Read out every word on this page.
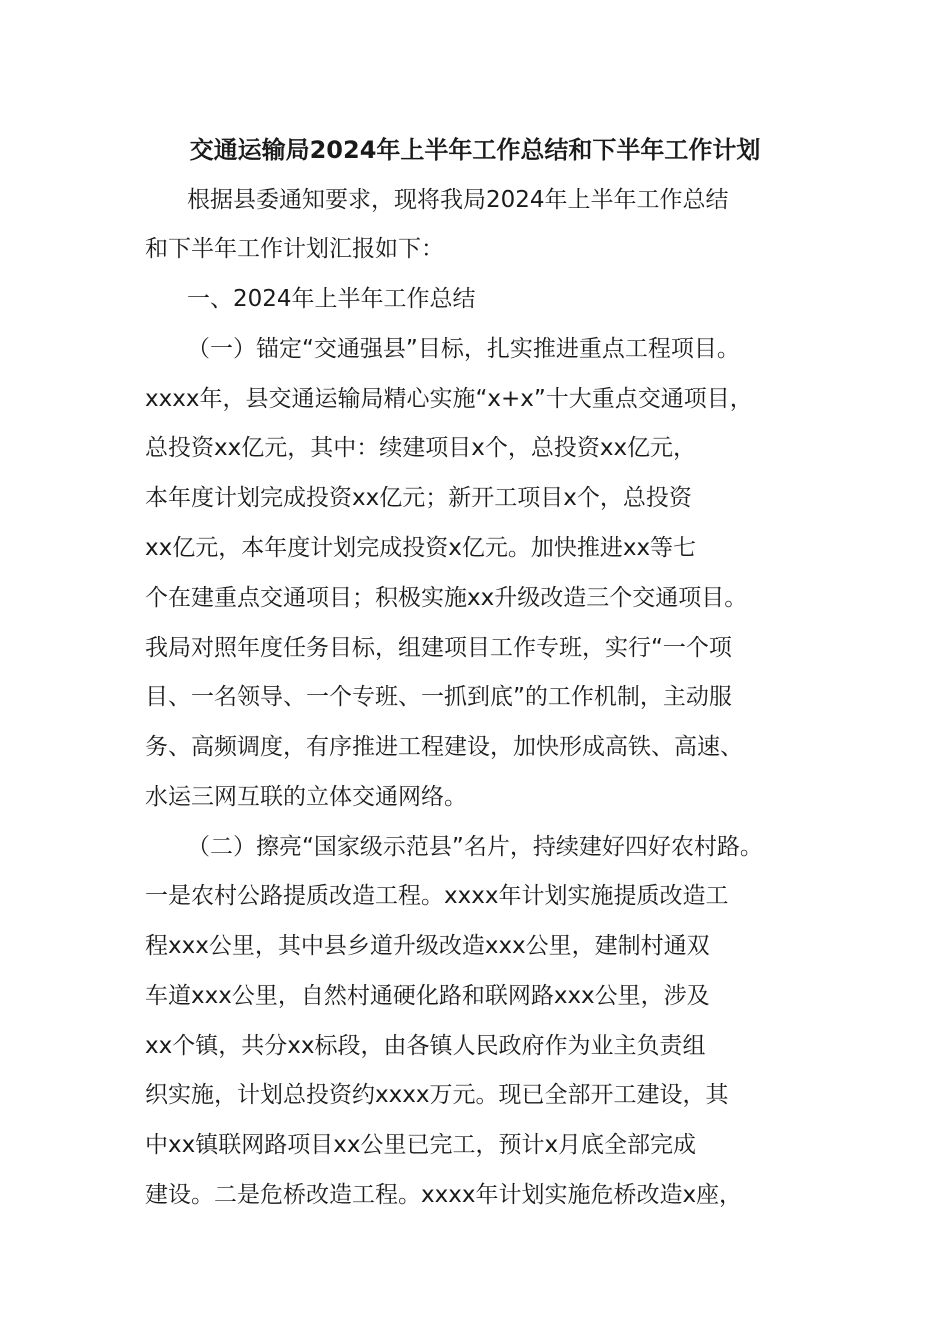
交通运输局2024年上半年工作总结和下半年工作计划
根据县委通知要求，现将我局2024年上半年工作总结
和下半年工作计划汇报如下：
一、2024年上半年工作总结
（一）锚定“交通强县”目标，扎实推进重点工程项目。
xxxx年，县交通运输局精心实施“x+x”十大重点交通项目，
总投资xx亿元，其中：续建项目x个，总投资xx亿元，
本年度计划完成投资xx亿元；新开工项目x个，总投资
xx亿元，本年度计划完成投资x亿元。加快推进xx等七
个在建重点交通项目；积极实施xx升级改造三个交通项目。
我局对照年度任务目标，组建项目工作专班，实行“一个项
目、一名领导、一个专班、一抓到底”的工作机制，主动服
务、高频调度，有序推进工程建设，加快形成高铁、高速、
水运三网互联的立体交通网络。
（二）擦亮“国家级示范县”名片，持续建好四好农村路。
一是农村公路提质改造工程。xxxx年计划实施提质改造工
程xxx公里，其中县乡道升级改造xxx公里，建制村通双
车道xxx公里，自然村通硬化路和联网路xxx公里，涉及
xx个镇，共分xx标段，由各镇人民政府作为业主负责组
织实施，计划总投资约xxxx万元。现已全部开工建设，其
中xx镇联网路项目xx公里已完工，预计x月底全部完成
建设。二是危桥改造工程。xxxx年计划实施危桥改造x座，
